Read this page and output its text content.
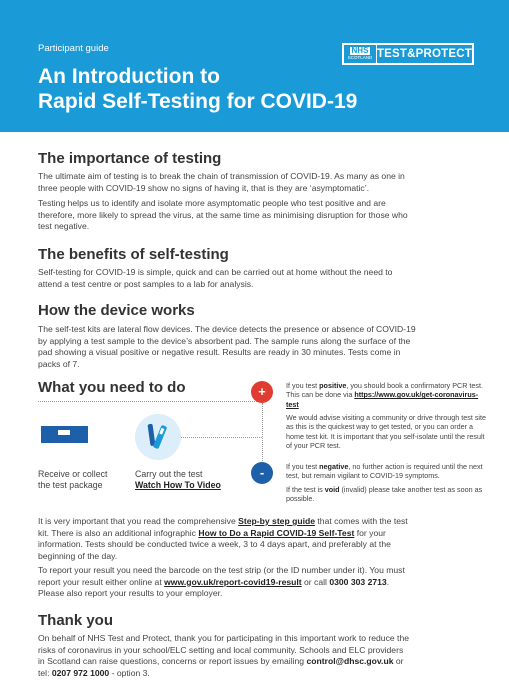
Participant guide
An Introduction to
Rapid Self-Testing for COVID-19
NHS
SCOTLAND TEST&PROTECT
The importance of testing

The ultimate aim of testing is to break the chain of transmission of COVID-19. As many as one in three people with COVID-19 show no signs of having it, that is they are ‘asymptomatic’.

Testing helps us to identify and isolate more asymptomatic people who test positive and are therefore, more likely to spread the virus, at the same time as minimising disruption for those who test negative.

The benefits of self-testing

Self-testing for COVID-19 is simple, quick and can be carried out at home without the need to attend a test centre or post samples to a lab for analysis.

How the device works

The self-test kits are lateral flow devices. The device detects the presence or absence of COVID-19 by applying a test sample to the device’s absorbent pad. The sample runs along the surface of the pad showing a visual positive or negative result. Results are ready in 30 minutes. Tests come in packs of 7.

What you need to do
Receive or collect the test package
Carry out the test
Watch How To Video
+
-

If you test positive, you should book a confirmatory PCR test. This can be done via https://www.gov.uk/get-coronavirus-test

We would advise visiting a community or drive through test site as this is the quickest way to get tested, or you can order a home test kit. It is important that you self-isolate until the result of your PCR test.

If you test negative, no further action is required until the next test, but remain vigilant to COVID-19 symptoms.

If the test is void (invalid) please take another test as soon as possible.

It is very important that you read the comprehensive Step-by step guide that comes with the test kit. There is also an additional infographic How to Do a Rapid COVID-19 Self-Test for your information. Tests should be conducted twice a week, 3 to 4 days apart, and preferably at the beginning of the day.

To report your result you need the barcode on the test strip (or the ID number under it). You must report your result either online at www.gov.uk/report-covid19-result or call 0300 303 2713. Please also report your results to your employer.

Thank you

On behalf of NHS Test and Protect, thank you for participating in this important work to reduce the risks of coronavirus in your school/ELC setting and local community. Schools and ELC providers in Scotland can raise questions, concerns or report issues by emailing control@dhsc.gov.uk or tel: 0207 972 1000 - option 3.
